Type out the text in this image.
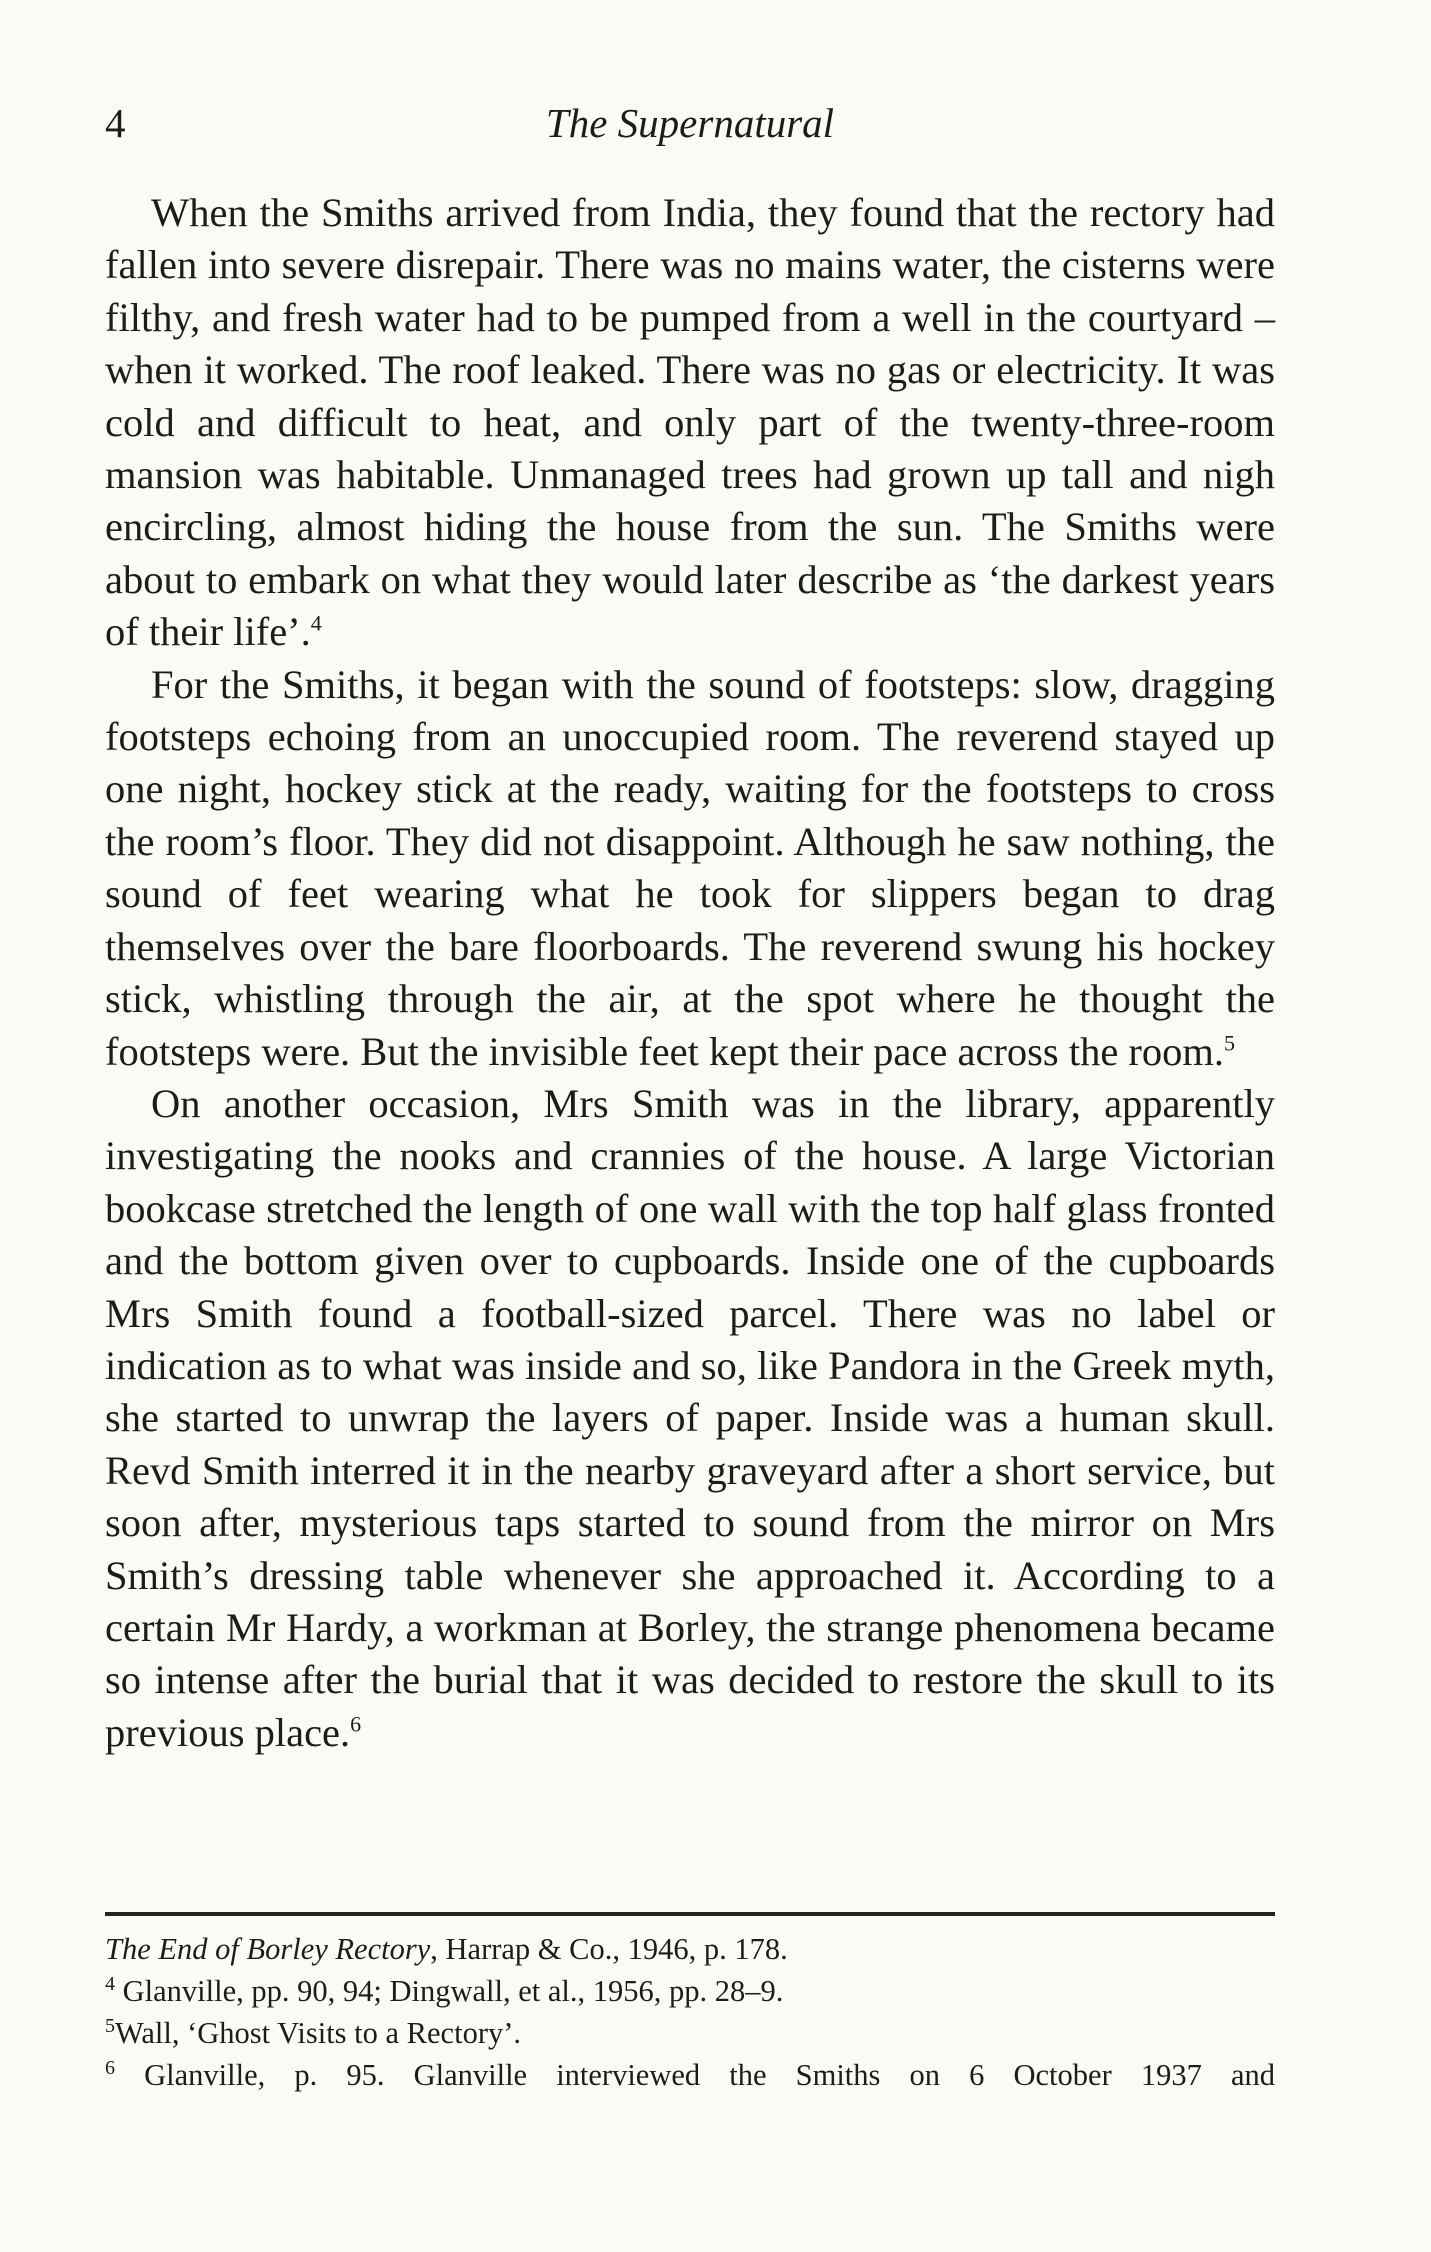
4	The Supernatural

When the Smiths arrived from India, they found that the rectory had fallen into severe disrepair. There was no mains water, the cisterns were filthy, and fresh water had to be pumped from a well in the courtyard – when it worked. The roof leaked. There was no gas or electricity. It was cold and difficult to heat, and only part of the twenty-three-room mansion was habitable. Unmanaged trees had grown up tall and nigh encircling, almost hiding the house from the sun. The Smiths were about to embark on what they would later describe as ‘the darkest years of their life’.$^4$

For the Smiths, it began with the sound of footsteps: slow, dragging footsteps echoing from an unoccupied room. The reverend stayed up one night, hockey stick at the ready, waiting for the footsteps to cross the room’s floor. They did not disappoint. Although he saw nothing, the sound of feet wearing what he took for slippers began to drag themselves over the bare floorboards. The reverend swung his hockey stick, whistling through the air, at the spot where he thought the footsteps were. But the invisible feet kept their pace across the room.$^5$

On another occasion, Mrs Smith was in the library, apparently investigating the nooks and crannies of the house. A large Victorian bookcase stretched the length of one wall with the top half glass fronted and the bottom given over to cupboards. Inside one of the cupboards Mrs Smith found a football-sized parcel. There was no label or indication as to what was inside and so, like Pandora in the Greek myth, she started to unwrap the layers of paper. Inside was a human skull. Revd Smith interred it in the nearby graveyard after a short service, but soon after, mysterious taps started to sound from the mirror on Mrs Smith’s dressing table whenever she approached it. According to a certain Mr Hardy, a workman at Borley, the strange phenomena became so intense after the burial that it was decided to restore the skull to its previous place.$^6$

The End of Borley Rectory, Harrap & Co., 1946, p. 178.

$^4$ Glanville, pp. 90, 94; Dingwall, et al., 1956, pp. 28–9.

$^5$Wall, ‘Ghost Visits to a Rectory’.

$^6$ Glanville, p. 95. Glanville interviewed the Smiths on 6 October 1937 and
